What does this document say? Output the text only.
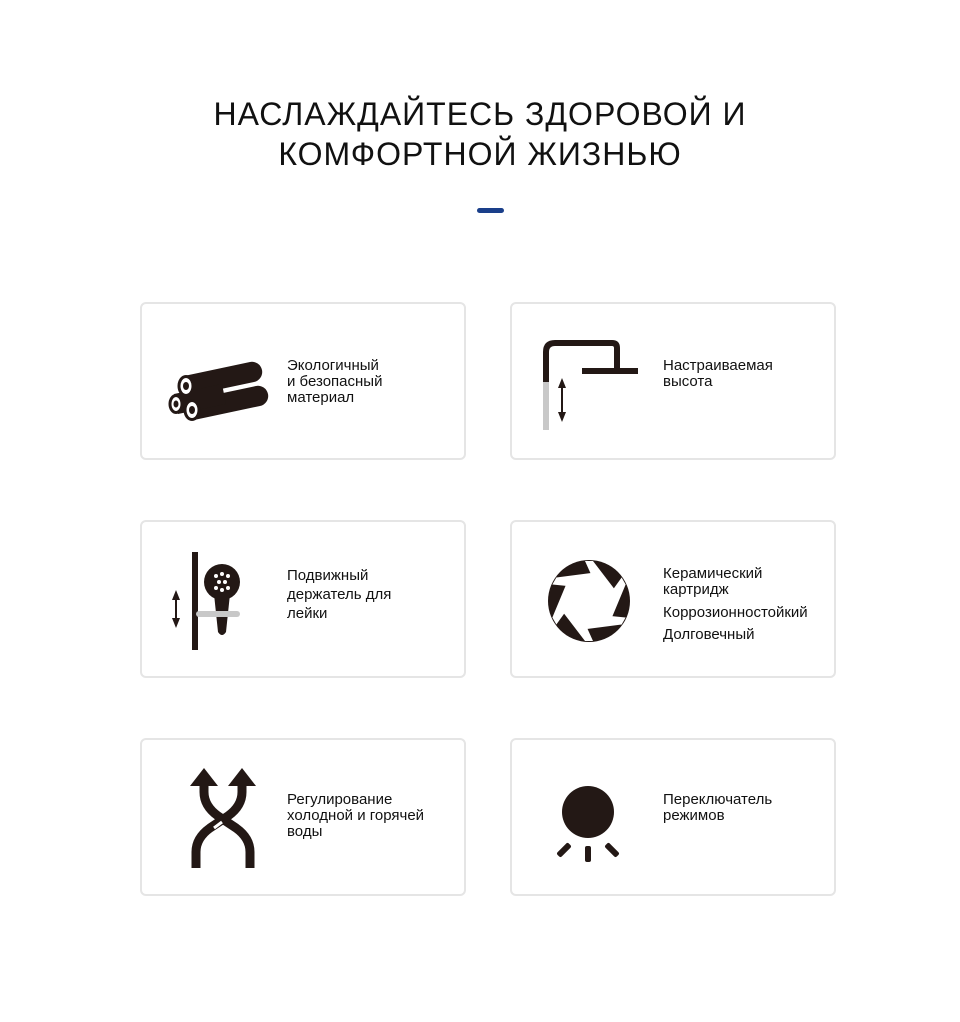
НАСЛАЖДАЙТЕСЬ ЗДОРОВОЙ И
КОМФОРТНОЙ ЖИЗНЬЮ
Экологичный
и безопасный
материал
Настраиваемая
высота
Подвижный
держатель для
лейки
Керамический
картридж
Коррозионностойкий
Долговечный
Регулирование
холодной и горячей
воды
Переключатель
режимов
